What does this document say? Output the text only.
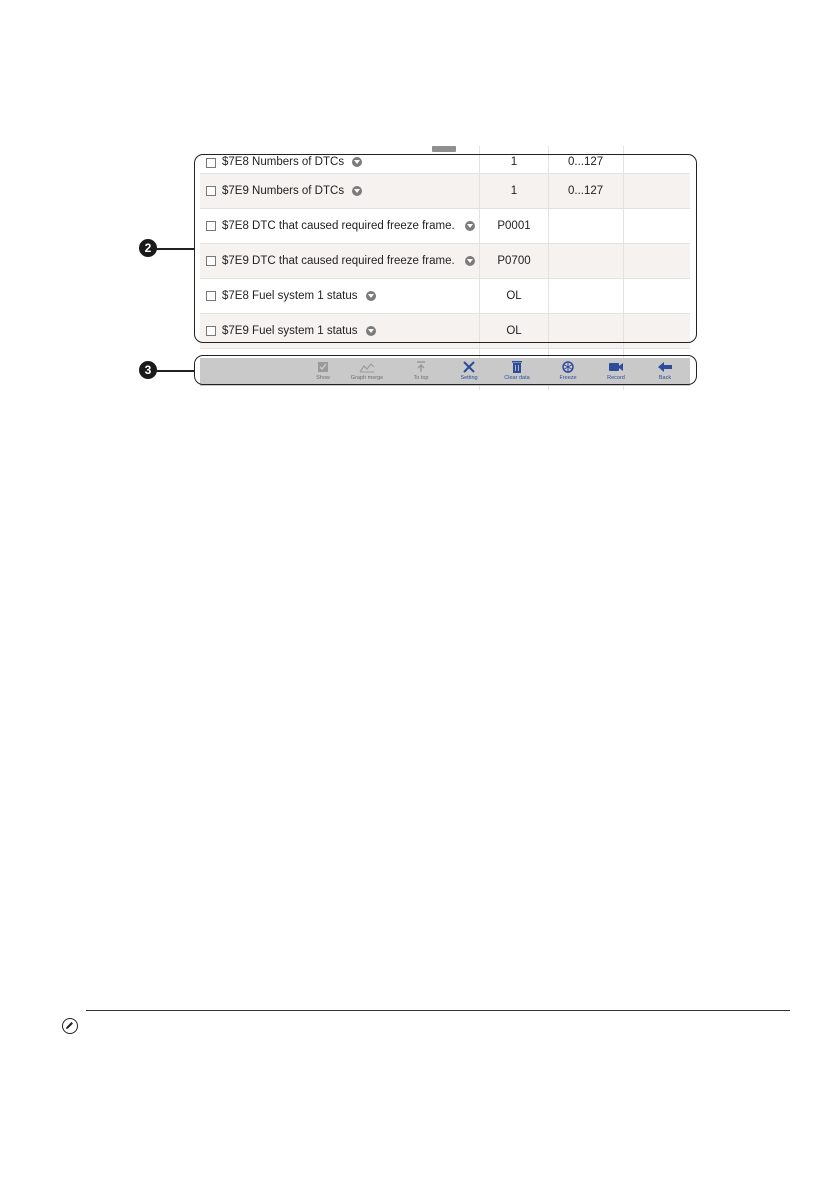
$7E8 Numbers of DTCs	1	0...127
$7E9 Numbers of DTCs	1	0...127
$7E8 DTC that caused required freeze frame.	P0001
$7E9 DTC that caused required freeze frame.	P0700
$7E8 Fuel system 1 status	OL
$7E9 Fuel system 1 status	OL
Show	Graph merge	To top	Setting	Clear data	Freeze	Record	Back
2
3
